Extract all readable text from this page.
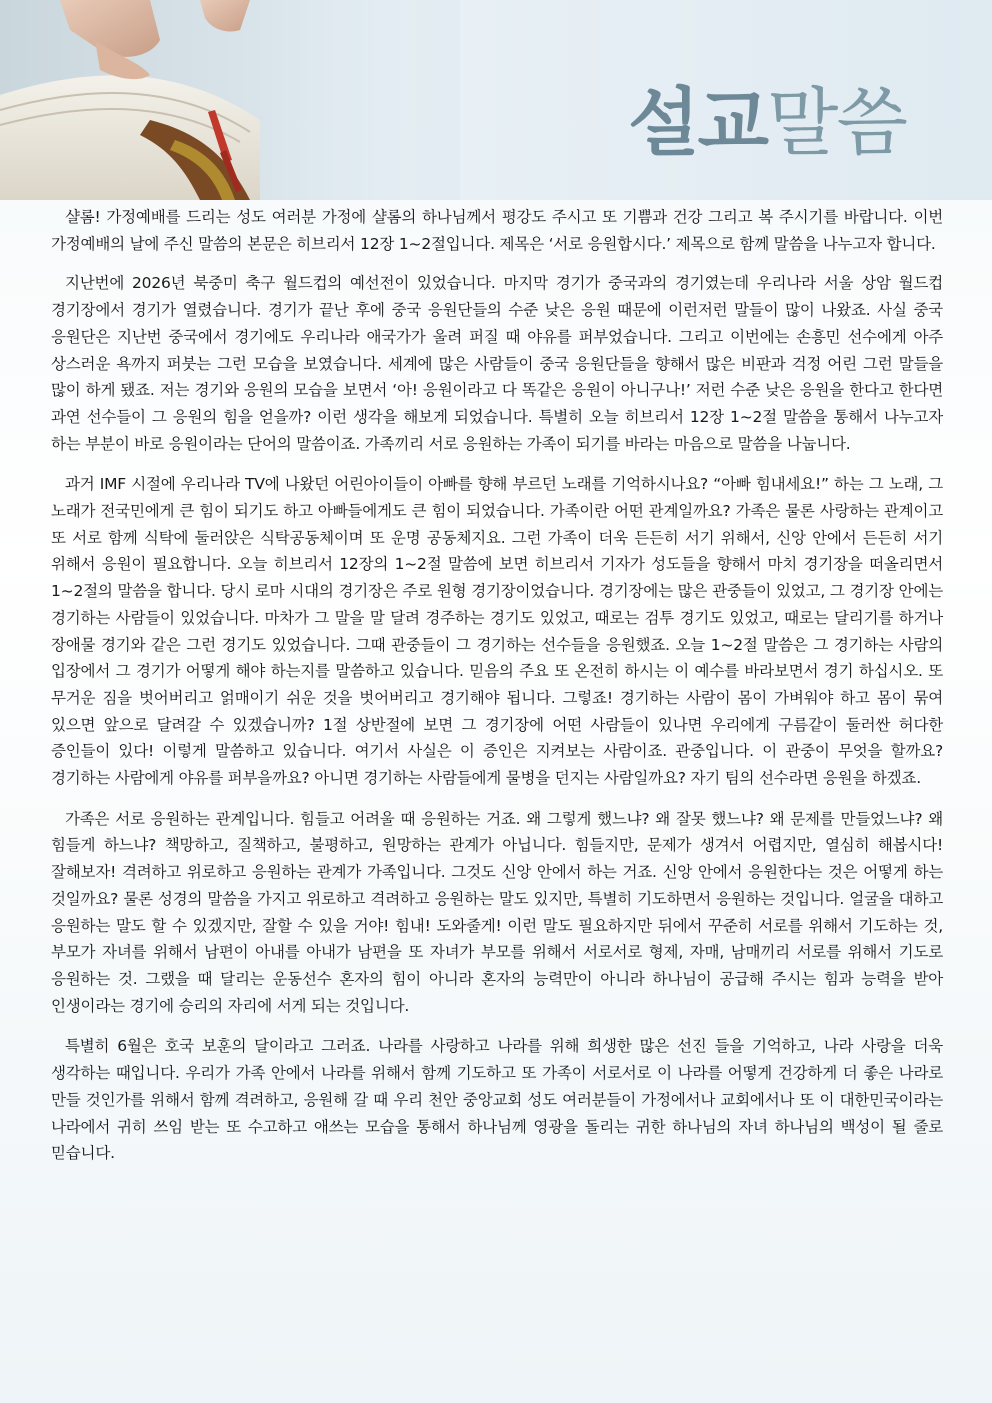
설교말씀

샬롬! 가정예배를 드리는 성도 여러분 가정에 샬롬의 하나님께서 평강도 주시고 또 기쁨과 건강 그리고 복 주시기를 바랍니다. 이번 가정예배의 날에 주신 말씀의 본문은 히브리서 12장 1~2절입니다. 제목은 ‘서로 응원합시다.’ 제목으로 함께 말씀을 나누고자 합니다.

지난번에 2026년 북중미 축구 월드컵의 예선전이 있었습니다. 마지막 경기가 중국과의 경기였는데 우리나라 서울 상암 월드컵 경기장에서 경기가 열렸습니다. 경기가 끝난 후에 중국 응원단들의 수준 낮은 응원 때문에 이런저런 말들이 많이 나왔죠. 사실 중국 응원단은 지난번 중국에서 경기에도 우리나라 애국가가 울려 퍼질 때 야유를 퍼부었습니다. 그리고 이번에는 손흥민 선수에게 아주 상스러운 욕까지 퍼붓는 그런 모습을 보였습니다. 세계에 많은 사람들이 중국 응원단들을 향해서 많은 비판과 걱정 어린 그런 말들을 많이 하게 됐죠. 저는 경기와 응원의 모습을 보면서 ‘아! 응원이라고 다 똑같은 응원이 아니구나!’ 저런 수준 낮은 응원을 한다고 한다면 과연 선수들이 그 응원의 힘을 얻을까? 이런 생각을 해보게 되었습니다. 특별히 오늘 히브리서 12장 1~2절 말씀을 통해서 나누고자 하는 부분이 바로 응원이라는 단어의 말씀이죠. 가족끼리 서로 응원하는 가족이 되기를 바라는 마음으로 말씀을 나눕니다.

과거 IMF 시절에 우리나라 TV에 나왔던 어린아이들이 아빠를 향해 부르던 노래를 기억하시나요? “아빠 힘내세요!” 하는 그 노래, 그 노래가 전국민에게 큰 힘이 되기도 하고 아빠들에게도 큰 힘이 되었습니다. 가족이란 어떤 관계일까요? 가족은 물론 사랑하는 관계이고 또 서로 함께 식탁에 둘러앉은 식탁공동체이며 또 운명 공동체지요. 그런 가족이 더욱 든든히 서기 위해서, 신앙 안에서 든든히 서기 위해서 응원이 필요합니다. 오늘 히브리서 12장의 1~2절 말씀에 보면 히브리서 기자가 성도들을 향해서 마치 경기장을 떠올리면서 1~2절의 말씀을 합니다. 당시 로마 시대의 경기장은 주로 원형 경기장이었습니다. 경기장에는 많은 관중들이 있었고, 그 경기장 안에는 경기하는 사람들이 있었습니다. 마차가 그 말을 말 달려 경주하는 경기도 있었고, 때로는 검투 경기도 있었고, 때로는 달리기를 하거나 장애물 경기와 같은 그런 경기도 있었습니다. 그때 관중들이 그 경기하는 선수들을 응원했죠. 오늘 1~2절 말씀은 그 경기하는 사람의 입장에서 그 경기가 어떻게 해야 하는지를 말씀하고 있습니다. 믿음의 주요 또 온전히 하시는 이 예수를 바라보면서 경기 하십시오. 또 무거운 짐을 벗어버리고 얽매이기 쉬운 것을 벗어버리고 경기해야 됩니다. 그렇죠! 경기하는 사람이 몸이 가벼워야 하고 몸이 묶여 있으면 앞으로 달려갈 수 있겠습니까? 1절 상반절에 보면 그 경기장에 어떤 사람들이 있나면 우리에게 구름같이 둘러싼 허다한 증인들이 있다! 이렇게 말씀하고 있습니다. 여기서 사실은 이 증인은 지켜보는 사람이죠. 관중입니다. 이 관중이 무엇을 할까요? 경기하는 사람에게 야유를 퍼부을까요? 아니면 경기하는 사람들에게 물병을 던지는 사람일까요? 자기 팀의 선수라면 응원을 하겠죠.

가족은 서로 응원하는 관계입니다. 힘들고 어려울 때 응원하는 거죠. 왜 그렇게 했느냐? 왜 잘못 했느냐? 왜 문제를 만들었느냐? 왜 힘들게 하느냐? 책망하고, 질책하고, 불평하고, 원망하는 관계가 아닙니다. 힘들지만, 문제가 생겨서 어렵지만, 열심히 해봅시다! 잘해보자! 격려하고 위로하고 응원하는 관계가 가족입니다. 그것도 신앙 안에서 하는 거죠. 신앙 안에서 응원한다는 것은 어떻게 하는 것일까요? 물론 성경의 말씀을 가지고 위로하고 격려하고 응원하는 말도 있지만, 특별히 기도하면서 응원하는 것입니다. 얼굴을 대하고 응원하는 말도 할 수 있겠지만, 잘할 수 있을 거야! 힘내! 도와줄게! 이런 말도 필요하지만 뒤에서 꾸준히 서로를 위해서 기도하는 것, 부모가 자녀를 위해서 남편이 아내를 아내가 남편을 또 자녀가 부모를 위해서 서로서로 형제, 자매, 남매끼리 서로를 위해서 기도로 응원하는 것. 그랬을 때 달리는 운동선수 혼자의 힘이 아니라 혼자의 능력만이 아니라 하나님이 공급해 주시는 힘과 능력을 받아 인생이라는 경기에 승리의 자리에 서게 되는 것입니다.

특별히 6월은 호국 보훈의 달이라고 그러죠. 나라를 사랑하고 나라를 위해 희생한 많은 선진 들을 기억하고, 나라 사랑을 더욱 생각하는 때입니다. 우리가 가족 안에서 나라를 위해서 함께 기도하고 또 가족이 서로서로 이 나라를 어떻게 건강하게 더 좋은 나라로 만들 것인가를 위해서 함께 격려하고, 응원해 갈 때 우리 천안 중앙교회 성도 여러분들이 가정에서나 교회에서나 또 이 대한민국이라는 나라에서 귀히 쓰임 받는 또 수고하고 애쓰는 모습을 통해서 하나님께 영광을 돌리는 귀한 하나님의 자녀 하나님의 백성이 될 줄로 믿습니다.
